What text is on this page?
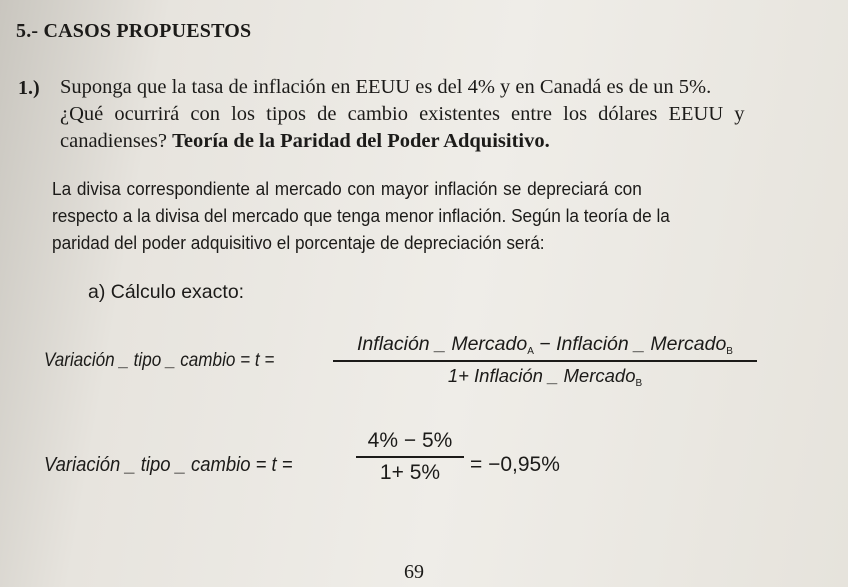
5.- CASOS PROPUESTOS
1.) Suponga que la tasa de inflación en EEUU es del 4% y en Canadá es de un 5%.
¿Qué ocurrirá con los tipos de cambio existentes entre los dólares EEUU y
canadienses? Teoría de la Paridad del Poder Adquisitivo.
La divisa correspondiente al mercado con mayor inflación se depreciará con
respecto a la divisa del mercado que tenga menor inflación. Según la teoría de la
paridad del poder adquisitivo el porcentaje de depreciación será:
a) Cálculo exacto:
Variación _ tipo _ cambio = t =
Inflación _ Mercado$_A$ − Inflación _ Mercado$_B$
1+ Inflación _ Mercado$_B$
Variación _ tipo _ cambio = t =
4% − 5%
1+ 5%	= −0,95%
69
